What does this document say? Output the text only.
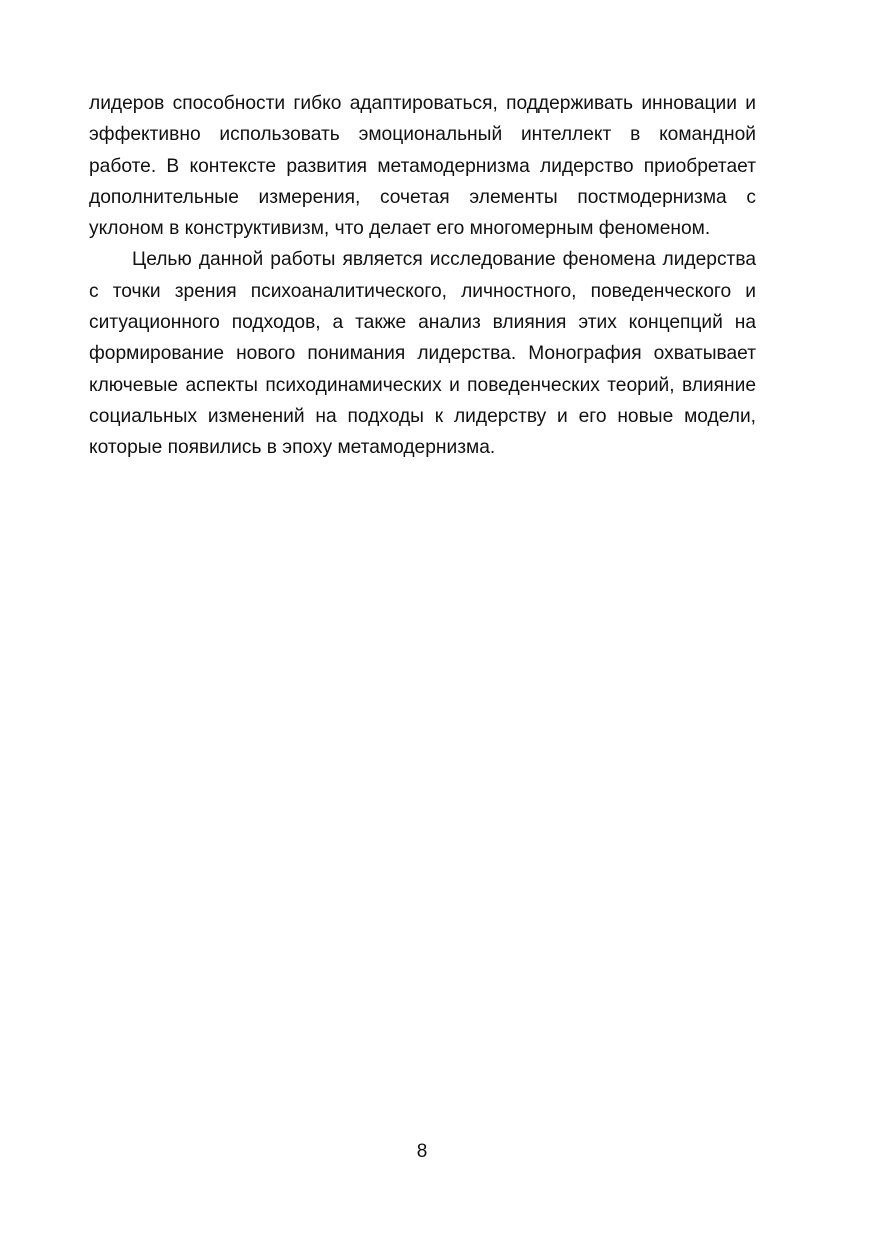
лидеров способности гибко адаптироваться, поддерживать инновации и эффективно использовать эмоциональный интеллект в командной работе. В контексте развития метамодернизма лидерство приобретает дополнительные измерения, сочетая элементы постмодернизма с уклоном в конструктивизм, что делает его многомерным феноменом.

Целью данной работы является исследование феномена лидерства с точки зрения психоаналитического, личностного, поведенческого и ситуационного подходов, а также анализ влияния этих концепций на формирование нового понимания лидерства. Монография охватывает ключевые аспекты психодинамических и поведенческих теорий, влияние социальных изменений на подходы к лидерству и его новые модели, которые появились в эпоху метамодернизма.

8
